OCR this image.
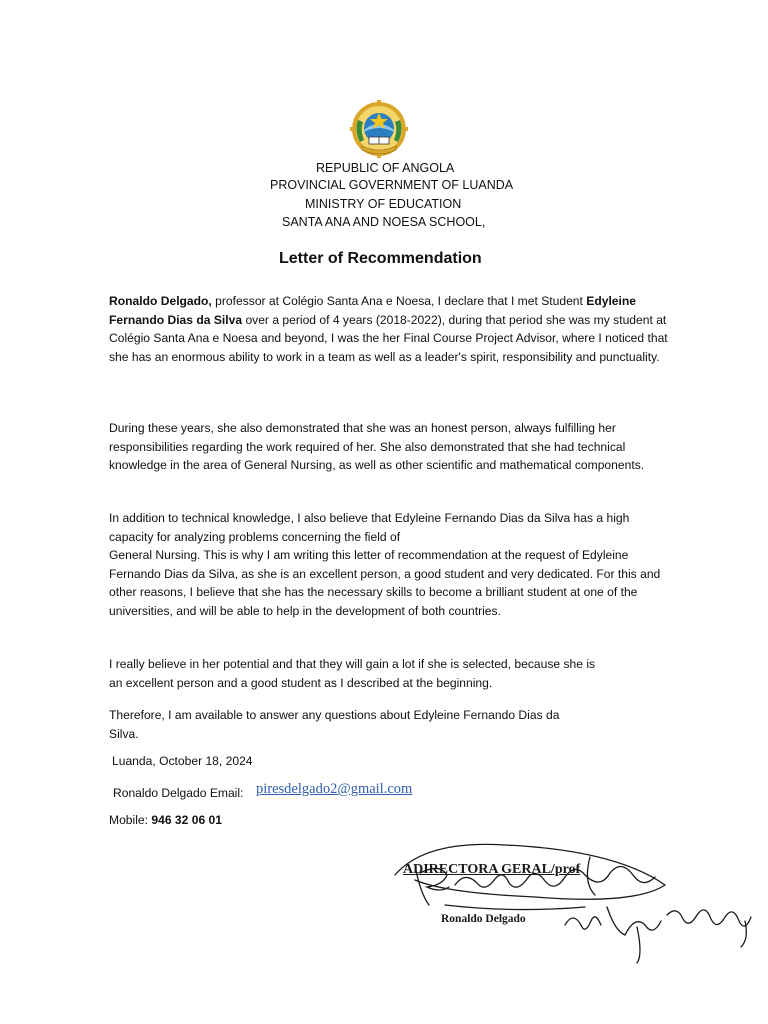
REPUBLIC OF ANGOLA
PROVINCIAL GOVERNMENT OF LUANDA
MINISTRY OF EDUCATION
SANTA ANA AND NOESA SCHOOL,
Letter of Recommendation

Ronaldo Delgado, professor at Colégio Santa Ana e Noesa, I declare that I met Student Edyleine Fernando Dias da Silva over a period of 4 years (2018-2022), during that period she was my student at Colégio Santa Ana e Noesa and beyond, I was the her Final Course Project Advisor, where I noticed that she has an enormous ability to work in a team as well as a leader's spirit, responsibility and punctuality.

During these years, she also demonstrated that she was an honest person, always fulfilling her responsibilities regarding the work required of her. She also demonstrated that she had technical knowledge in the area of General Nursing, as well as other scientific and mathematical components.

In addition to technical knowledge, I also believe that Edyleine Fernando Dias da Silva has a high

capacity for analyzing problems concerning the field of

General Nursing. This is why I am writing this letter of recommendation at the request of Edyleine Fernando Dias da Silva, as she is an excellent person, a good student and very dedicated. For this and other reasons, I believe that she has the necessary skills to become a brilliant student at one of the universities, and will be able to help in the development of both countries.

I really believe in her potential and that they will gain a lot if she is selected, because she is

an excellent person and a good student as I described at the beginning.

Therefore, I am available to answer any questions about Edyleine Fernando Dias da

Silva.

Luanda, October 18, 2024
Ronaldo Delgado Email: piresdelgado2@gmail.com
Mobile: 946 32 06 01
ADIRECTORA GERAL/prof
Ronaldo Delgado
